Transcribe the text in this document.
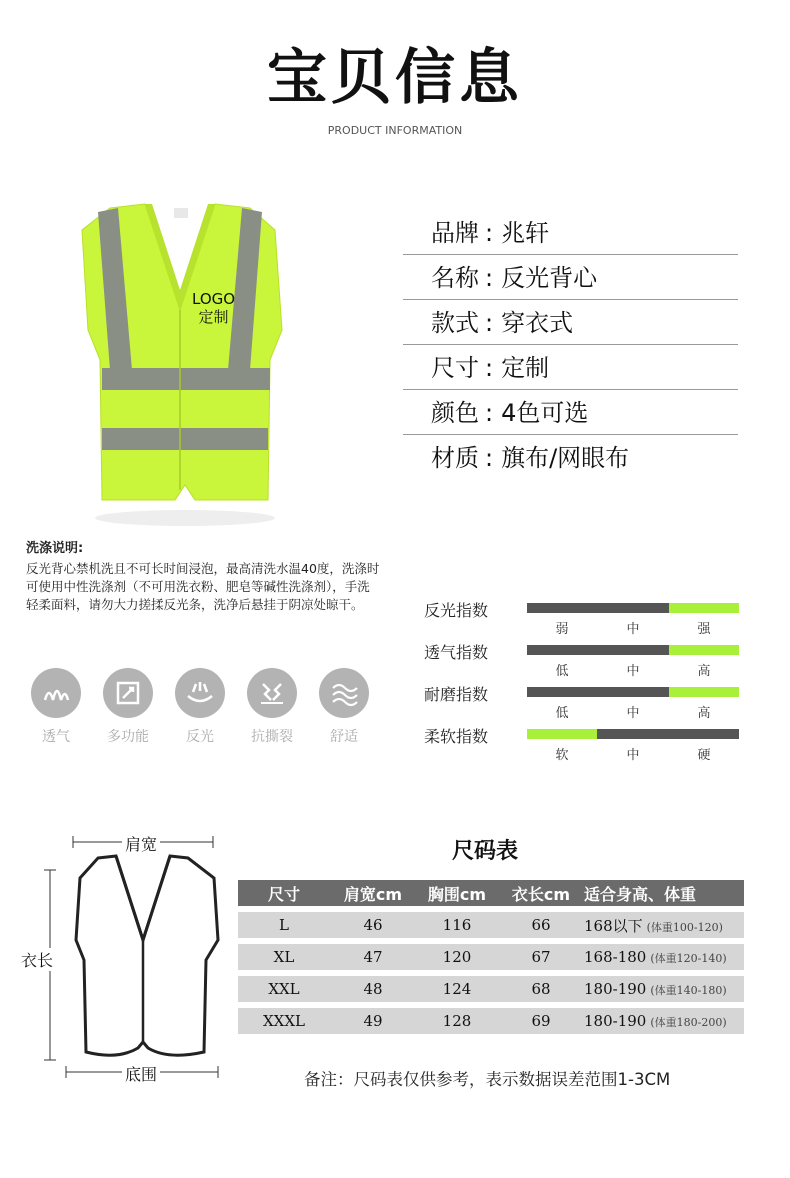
宝贝信息
PRODUCT INFORMATION
LOGO
定制
品牌 : 兆轩
名称 : 反光背心
款式 : 穿衣式
尺寸 : 定制
颜色 : 4色可选
材质 : 旗布/网眼布
洗涤说明:
反光背心禁机洗且不可长时间浸泡，最高清洗水温40度，洗涤时可使用中性洗涤剂（不可用洗衣粉、肥皂等碱性洗涤剂），手洗轻柔面料，请勿大力搓揉反光条，洗净后悬挂于阴凉处晾干。
透气	多功能	反光	抗撕裂	舒适
反光指数
弱	中	强
透气指数
低	中	高
耐磨指数
低	中	高
柔软指数
软	中	硬
肩宽
衣长
底围
尺码表
尺寸	肩宽cm	胸围cm	衣长cm 适合身高、体重
L	46	116	66	168以下 (体重100-120)
XL	47	120	67	168-180 (体重120-140)
XXL	48	124	68	180-190 (体重140-180)
XXXL	49	128	69	180-190 (体重180-200)
备注：尺码表仅供参考，表示数据误差范围1-3CM
